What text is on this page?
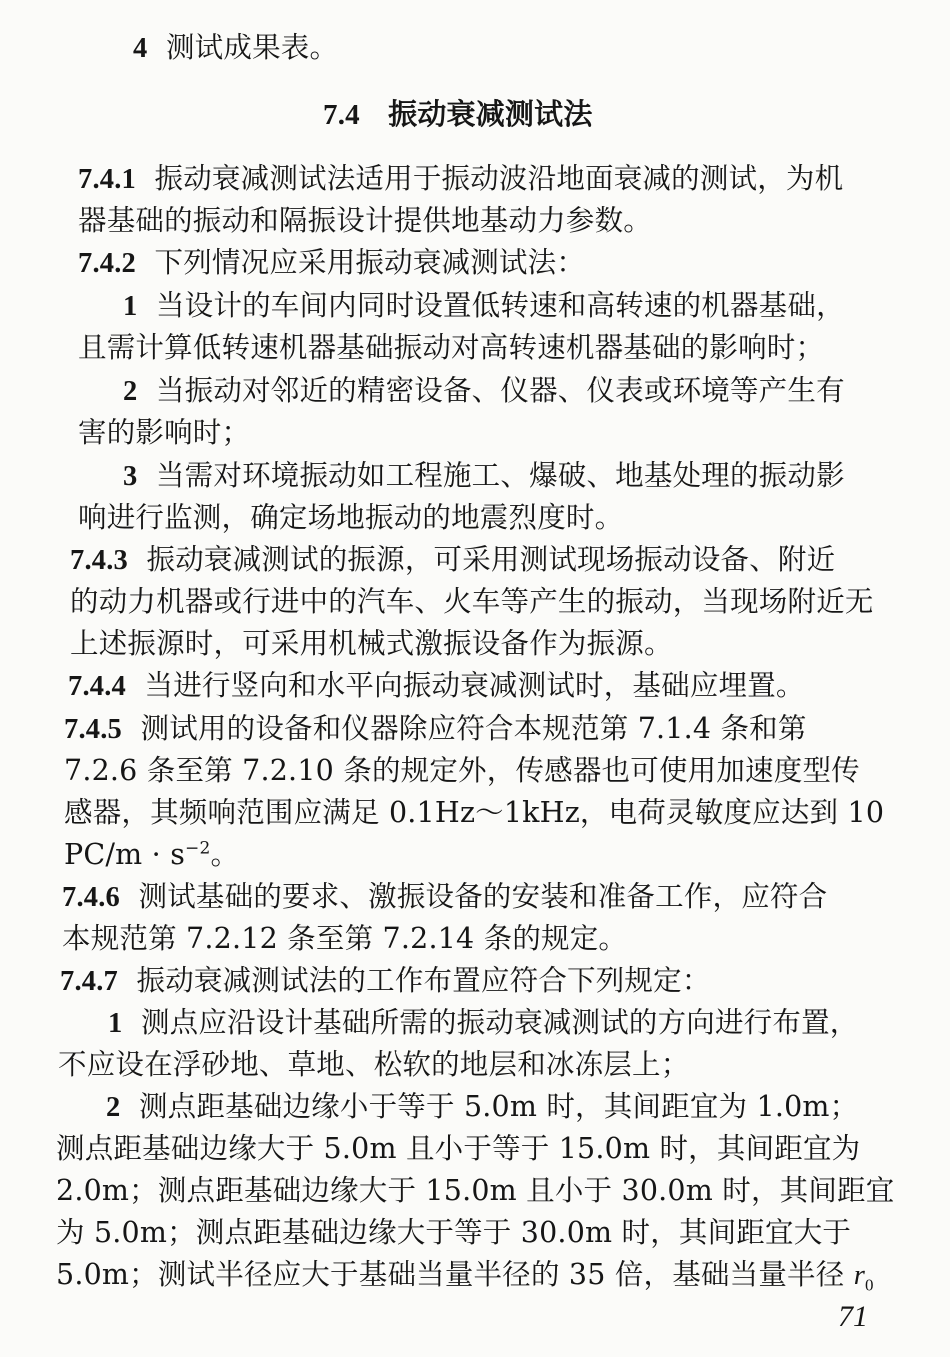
4 测试成果表。
7.4 振动衰减测试法
7.4.1 振动衰减测试法适用于振动波沿地面衰减的测试，为机
器基础的振动和隔振设计提供地基动力参数。
7.4.2 下列情况应采用振动衰减测试法：
1 当设计的车间内同时设置低转速和高转速的机器基础，
且需计算低转速机器基础振动对高转速机器基础的影响时；
2 当振动对邻近的精密设备、仪器、仪表或环境等产生有
害的影响时；
3 当需对环境振动如工程施工、爆破、地基处理的振动影
响进行监测，确定场地振动的地震烈度时。
7.4.3 振动衰减测试的振源，可采用测试现场振动设备、附近
的动力机器或行进中的汽车、火车等产生的振动，当现场附近无
上述振源时，可采用机械式激振设备作为振源。
7.4.4 当进行竖向和水平向振动衰减测试时，基础应埋置。
7.4.5 测试用的设备和仪器除应符合本规范第 7.1.4 条和第
7.2.6 条至第 7.2.10 条的规定外，传感器也可使用加速度型传
感器，其频响范围应满足 0.1Hz～1kHz，电荷灵敏度应达到 10
$PC/m \cdot s^{-2}$。
7.4.6 测试基础的要求、激振设备的安装和准备工作，应符合
本规范第 7.2.12 条至第 7.2.14 条的规定。
7.4.7 振动衰减测试法的工作布置应符合下列规定：
1 测点应沿设计基础所需的振动衰减测试的方向进行布置，
不应设在浮砂地、草地、松软的地层和冰冻层上；
2 测点距基础边缘小于等于 5.0m 时，其间距宜为 1.0m；
测点距基础边缘大于 5.0m 且小于等于 15.0m 时，其间距宜为
2.0m；测点距基础边缘大于 15.0m 且小于 30.0m 时，其间距宜
为 5.0m；测点距基础边缘大于等于 30.0m 时，其间距宜大于
5.0m；测试半径应大于基础当量半径的 35 倍，基础当量半径 $r_0$
71
